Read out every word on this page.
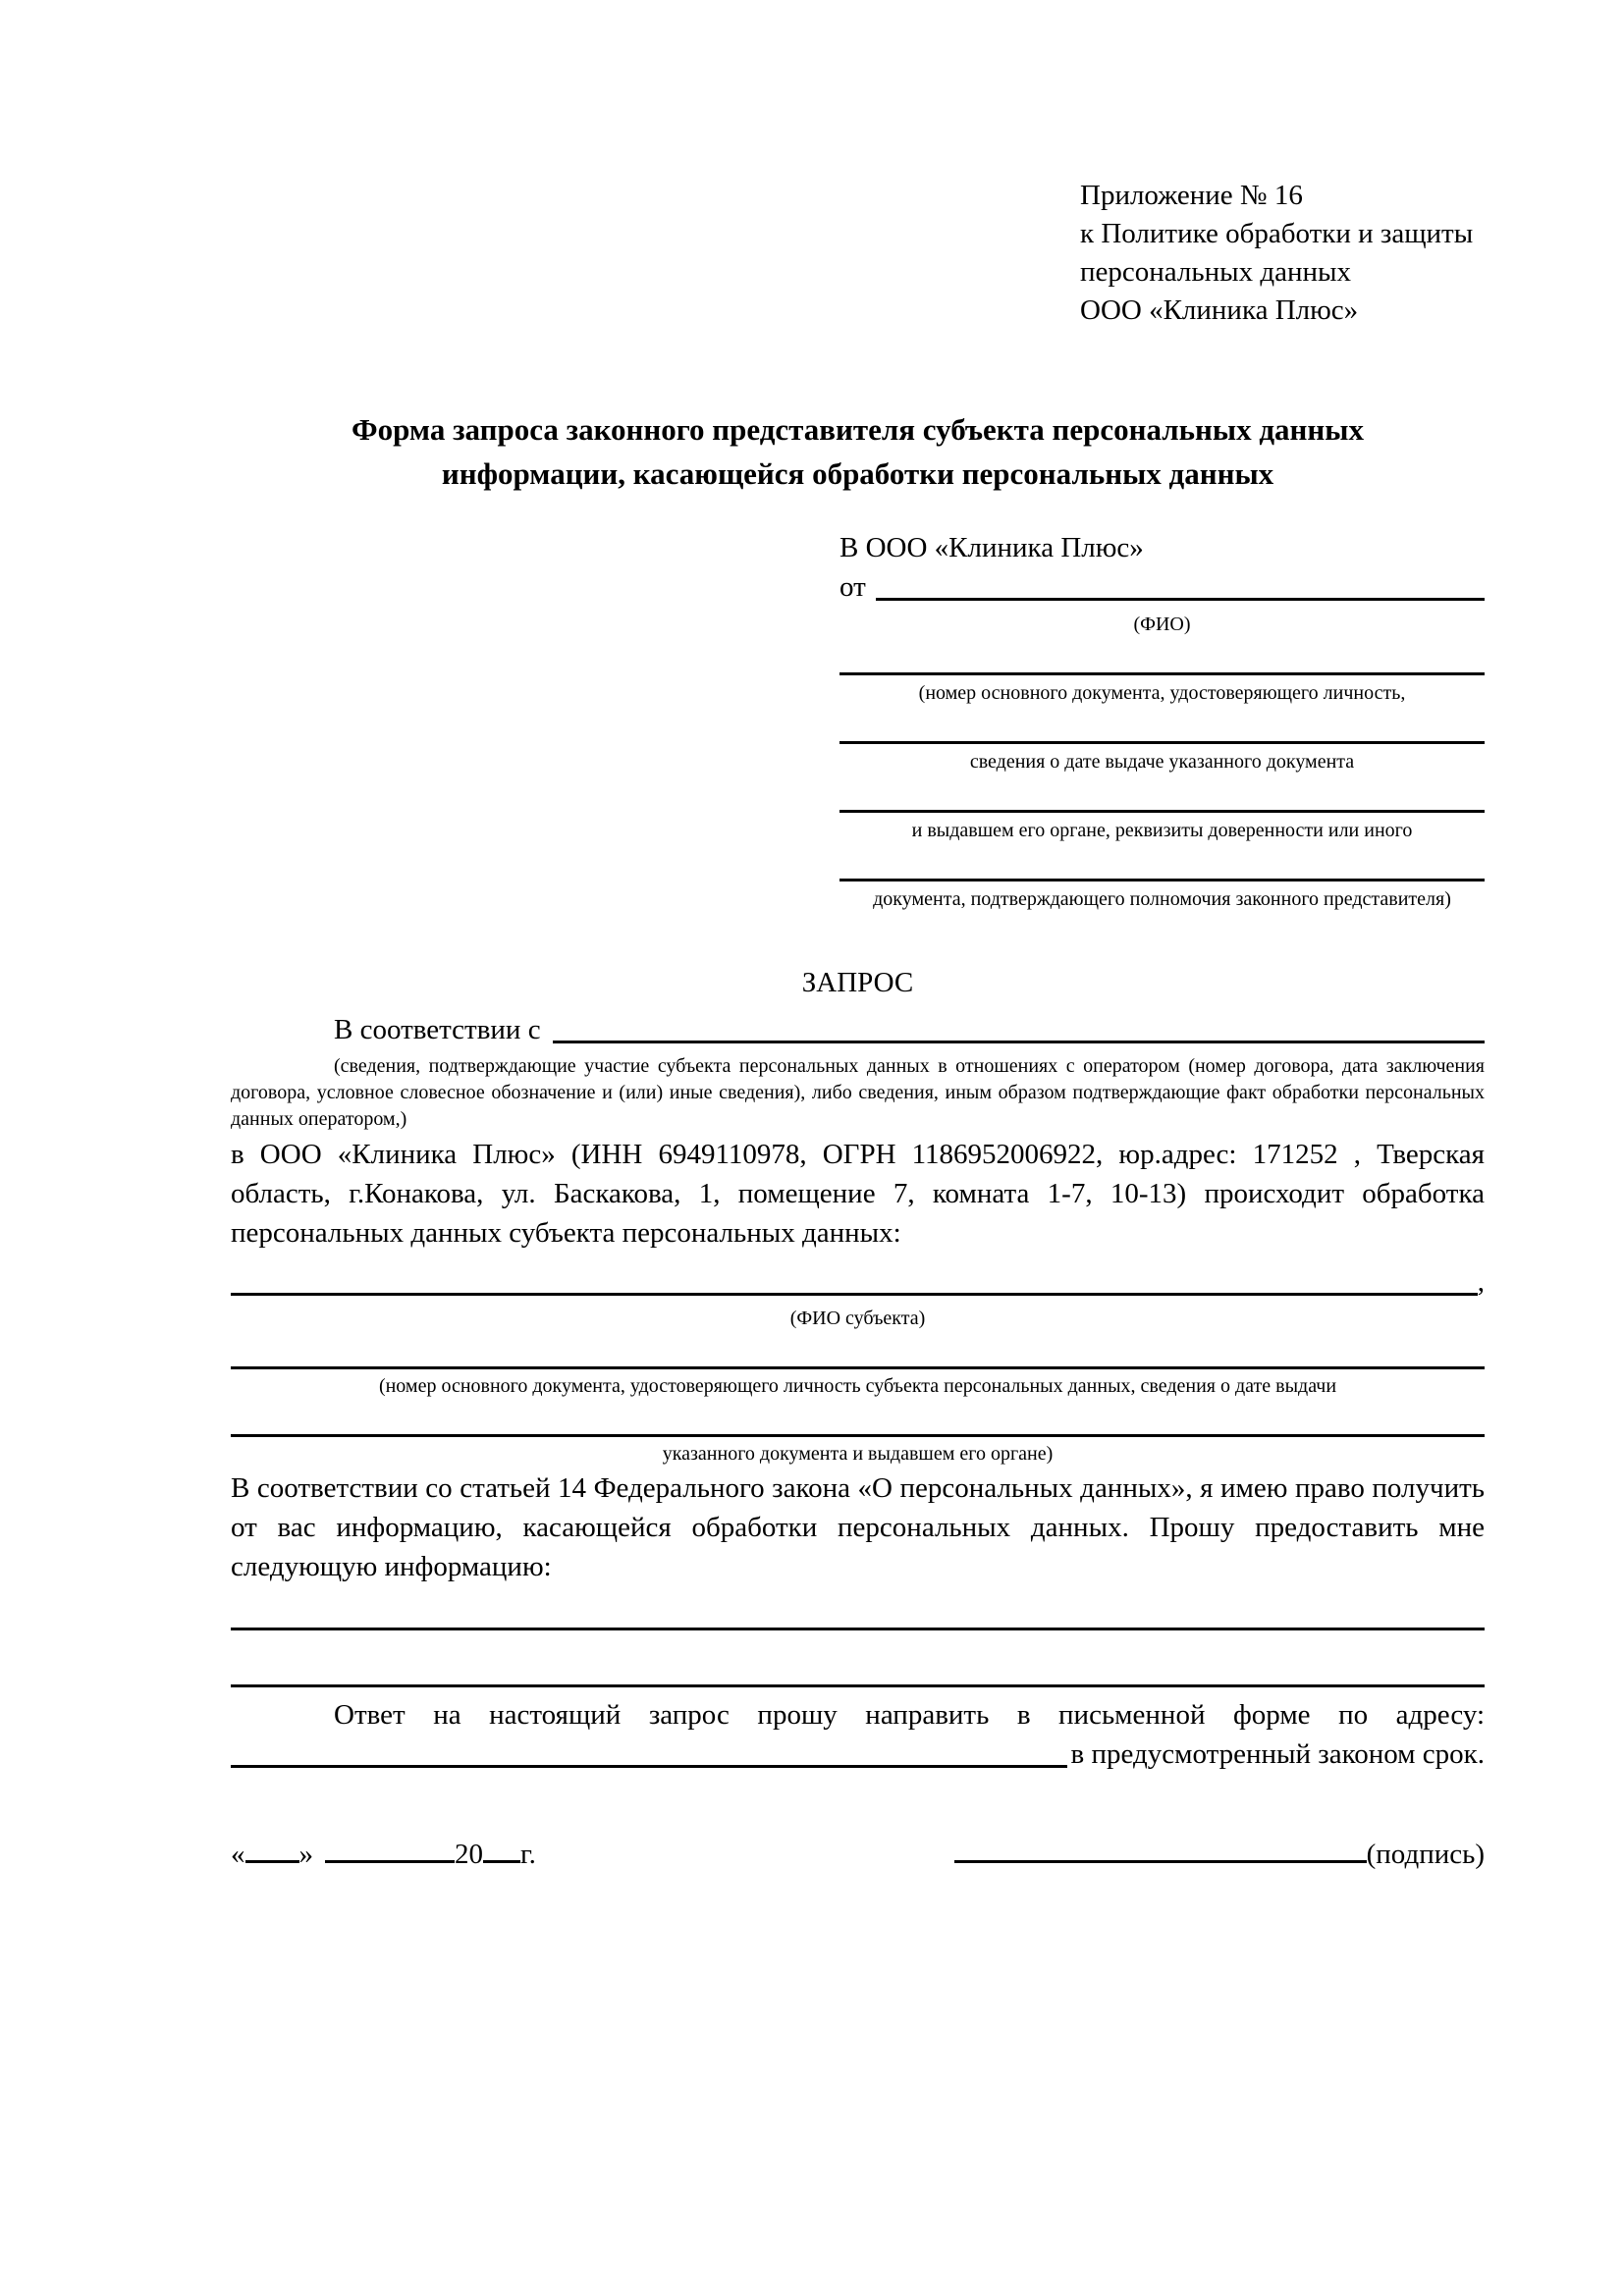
Приложение № 16
к Политике обработки и защиты
персональных данных
ООО «Клиника Плюс»
Форма запроса законного представителя субъекта персональных данных
информации, касающейся обработки персональных данных
В ООО «Клиника Плюс»
от
(ФИО)
(номер основного документа, удостоверяющего личность,
сведения о дате выдаче указанного документа
и выдавшем его органе, реквизиты доверенности или иного
документа, подтверждающего полномочия законного представителя)
ЗАПРОС
В соответствии с
(сведения, подтверждающие участие субъекта персональных данных в отношениях с оператором (номер договора, дата заключения договора, условное словесное обозначение и (или) иные сведения), либо сведения, иным образом подтверждающие факт обработки персональных данных оператором,)
в ООО «Клиника Плюс» (ИНН 6949110978, ОГРН 1186952006922, юр.адрес: 171252 , Тверская область, г.Конакова, ул. Баскакова, 1, помещение 7, комната 1-7, 10-13) происходит обработка персональных данных субъекта персональных данных:
,
(ФИО субъекта)
(номер основного документа, удостоверяющего личность субъекта персональных данных, сведения о дате выдачи
указанного документа и выдавшем его органе)
В соответствии со статьей 14 Федерального закона «О персональных данных», я имею право получить от вас информацию, касающейся обработки персональных данных. Прошу предоставить мне следующую информацию:
Ответ на настоящий запрос прошу направить в письменной форме по адресу:
в предусмотренный законом срок.
« »	20 г.	(подпись)
